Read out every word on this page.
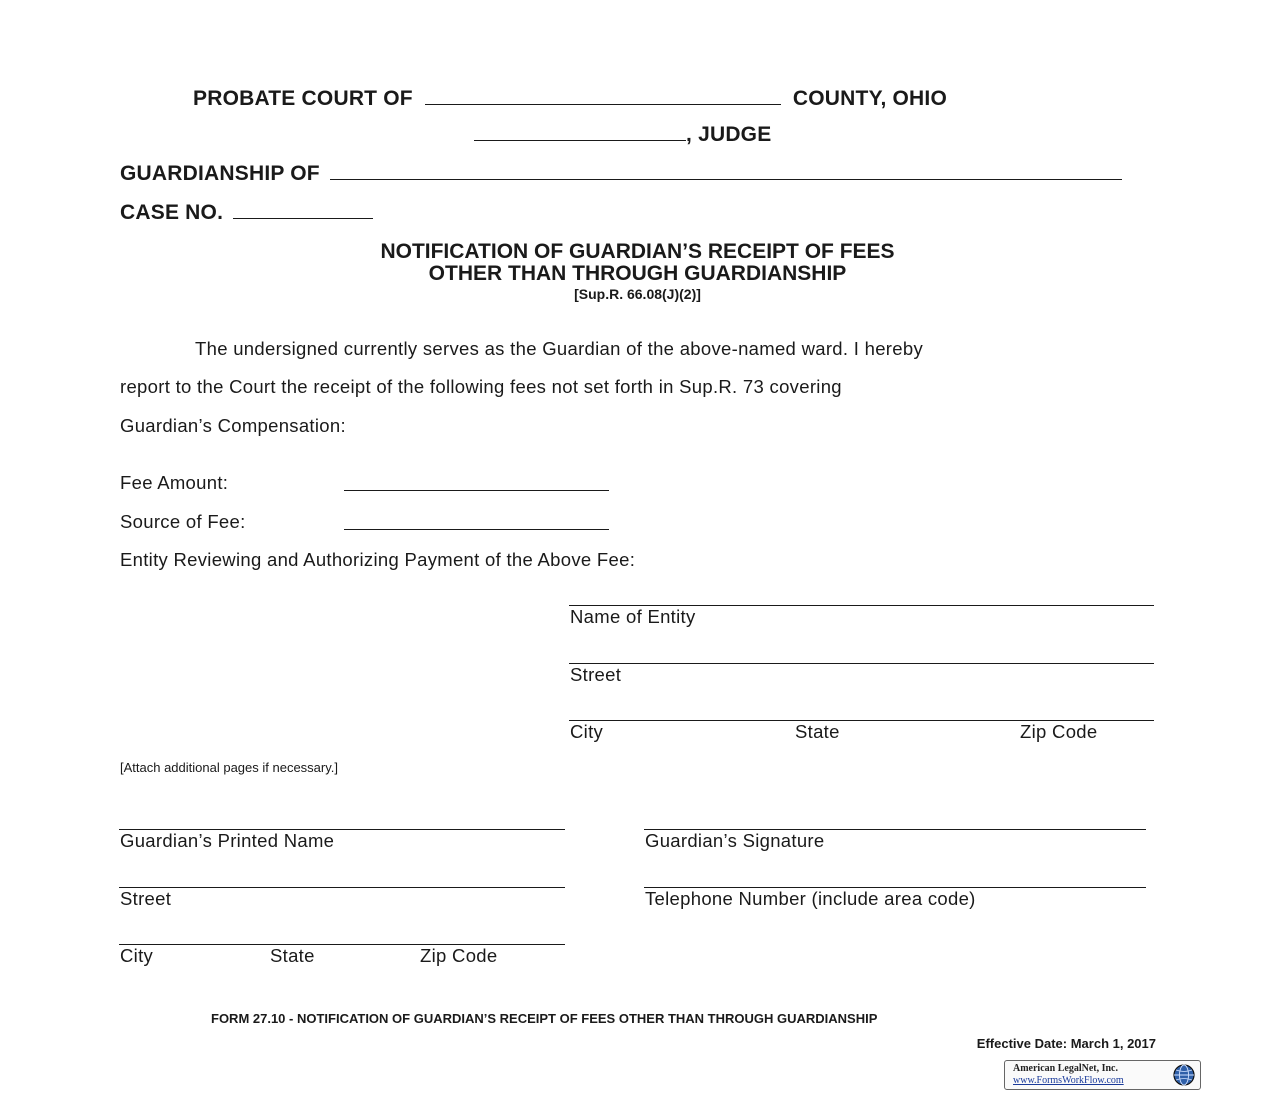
PROBATE COURT OF	COUNTY, OHIO
, JUDGE
GUARDIANSHIP OF
CASE NO.
NOTIFICATION OF GUARDIAN’S RECEIPT OF FEES
OTHER THAN THROUGH GUARDIANSHIP
[Sup.R. 66.08(J)(2)]
The undersigned currently serves as the Guardian of the above-named ward. I hereby
report to the Court the receipt of the following fees not set forth in Sup.R. 73 covering
Guardian’s Compensation:
Fee Amount:
Source of Fee:
Entity Reviewing and Authorizing Payment of the Above Fee:
Name of Entity
Street
City	State	Zip Code
[Attach additional pages if necessary.]
Guardian’s Printed Name	Guardian’s Signature
Street	Telephone Number (include area code)
City	State	Zip Code
FORM 27.10 - NOTIFICATION OF GUARDIAN’S RECEIPT OF FEES OTHER THAN THROUGH GUARDIANSHIP
Effective Date: March 1, 2017
American LegalNet, Inc.
www.FormsWorkFlow.com
